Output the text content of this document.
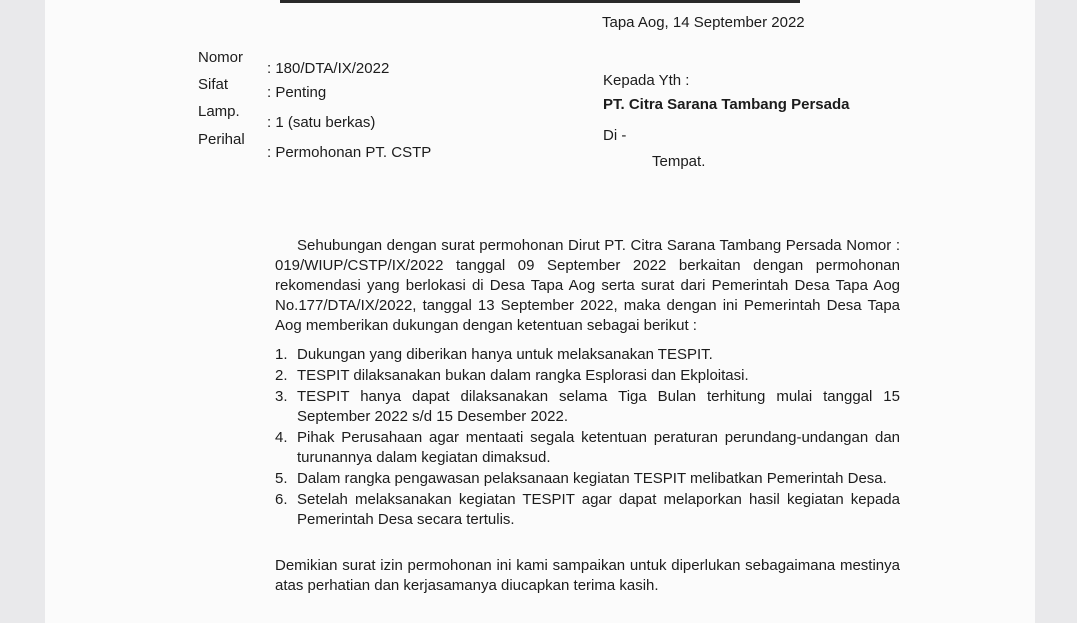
Tapa Aog, 14 September 2022
Nomor
: 180/DTA/IX/2022
Sifat	: Penting
Lamp.
: 1 (satu berkas)
Perihal
: Permohonan PT. CSTP
Kepada Yth :
PT. Citra Sarana Tambang Persada
Di -
Tempat.
Sehubungan dengan surat permohonan Dirut PT. Citra Sarana Tambang Persada Nomor : 019/WIUP/CSTP/IX/2022 tanggal 09 September 2022 berkaitan dengan permohonan rekomendasi yang berlokasi di Desa Tapa Aog serta surat dari Pemerintah Desa Tapa Aog No.177/DTA/IX/2022, tanggal 13 September 2022, maka dengan ini Pemerintah Desa Tapa Aog memberikan dukungan dengan ketentuan sebagai berikut :
1. Dukungan yang diberikan hanya untuk melaksanakan TESPIT.
2. TESPIT dilaksanakan bukan dalam rangka Esplorasi dan Ekploitasi.
3. TESPIT hanya dapat dilaksanakan selama Tiga Bulan terhitung mulai tanggal 15 September 2022 s/d 15 Desember 2022.
4. Pihak Perusahaan agar mentaati segala ketentuan peraturan perundang-undangan dan turunannya dalam kegiatan dimaksud.
5. Dalam rangka pengawasan pelaksanaan kegiatan TESPIT melibatkan Pemerintah Desa.
6. Setelah melaksanakan kegiatan TESPIT agar dapat melaporkan hasil kegiatan kepada Pemerintah Desa secara tertulis.
Demikian surat izin permohonan ini kami sampaikan untuk diperlukan sebagaimana mestinya atas perhatian dan kerjasamanya diucapkan terima kasih.
